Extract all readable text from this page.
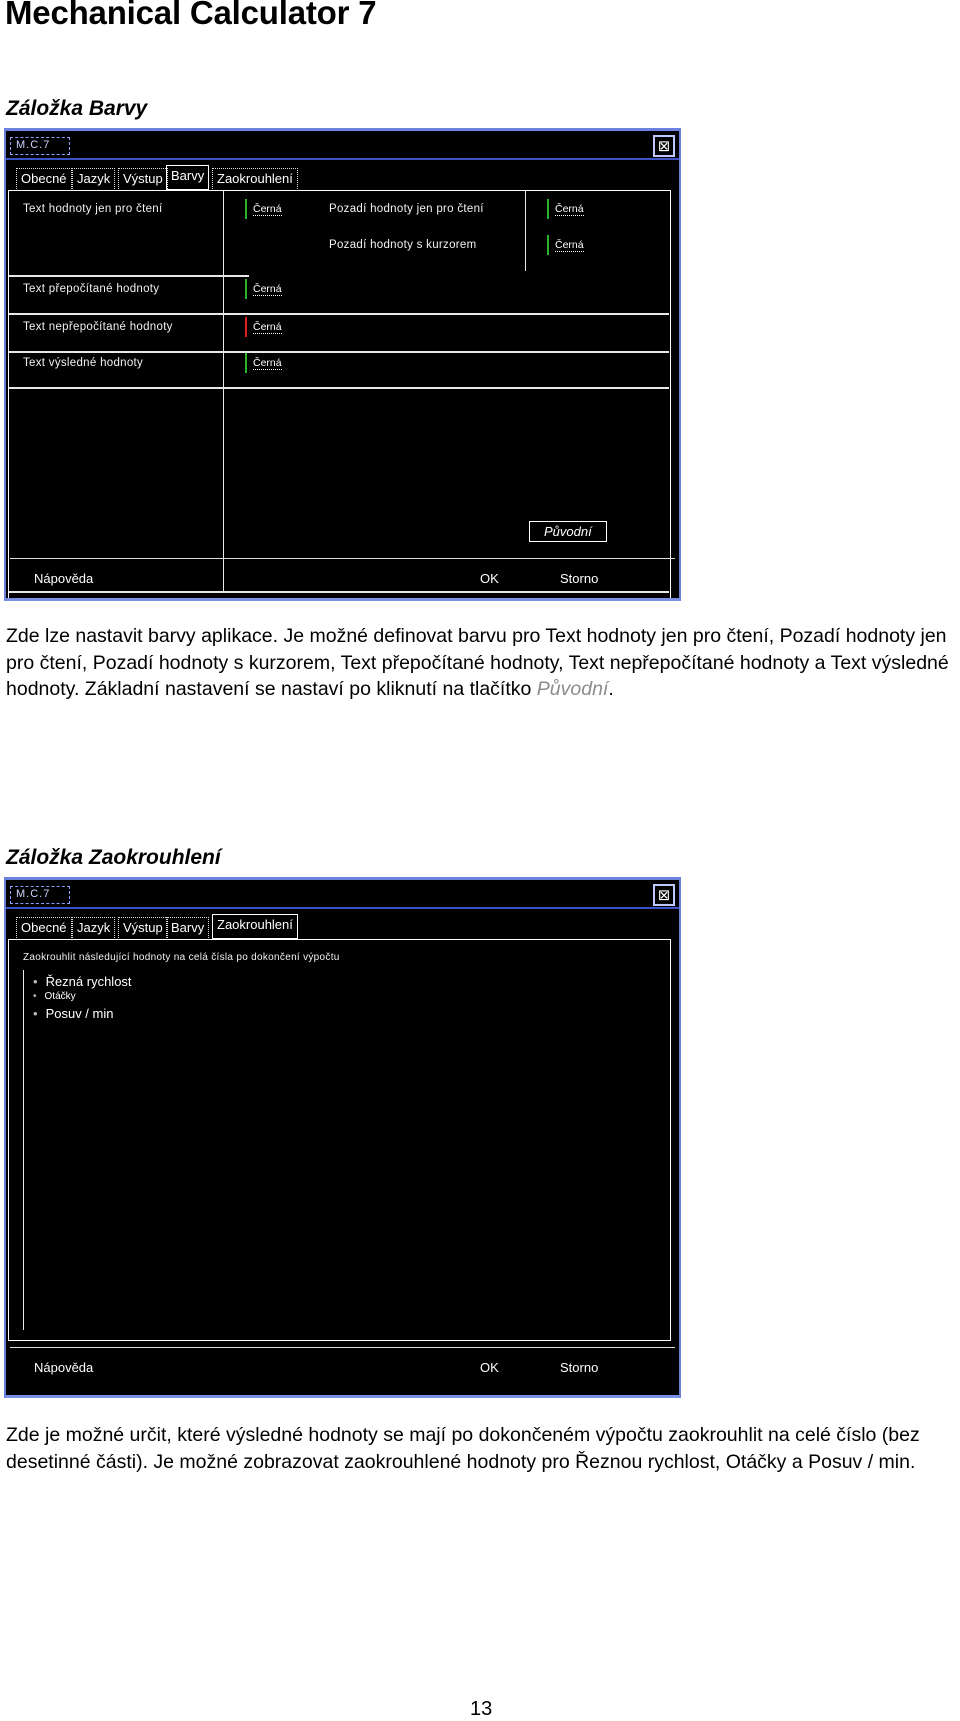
Mechanical Calculator 7
Záložka Barvy
M.C.7	⊠
Obecné Jazyk Výstup Barvy Zaokrouhlení
Text hodnoty jen pro čtení	Černá	Pozadí hodnoty jen pro čtení	Černá
Pozadí hodnoty s kurzorem	Černá
Text přepočítané hodnoty	Černá
Text nepřepočítané hodnoty	Černá
Text výsledné hodnoty	Černá
Původní
Nápověda	OK	Storno

Zde lze nastavit barvy aplikace. Je možné definovat barvu pro Text hodnoty jen pro čtení, Pozadí hodnoty jen pro čtení, Pozadí hodnoty s kurzorem, Text přepočítané hodnoty, Text nepřepočítané hodnoty a Text výsledné hodnoty. Základní nastavení se nastaví po kliknutí na tlačítko Původní.

Záložka Zaokrouhlení
M.C.7	⊠
Obecné Jazyk Výstup Barvy Zaokrouhlení
Zaokrouhlit následující hodnoty na celá čísla po dokončení výpočtu
• Řezná rychlost
• Otáčky
• Posuv / min
Nápověda	OK	Storno

Zde je možné určit, které výsledné hodnoty se mají po dokončeném výpočtu zaokrouhlit na celé číslo (bez desetinné části). Je možné zobrazovat zaokrouhlené hodnoty pro Řeznou rychlost, Otáčky a Posuv / min.

13
